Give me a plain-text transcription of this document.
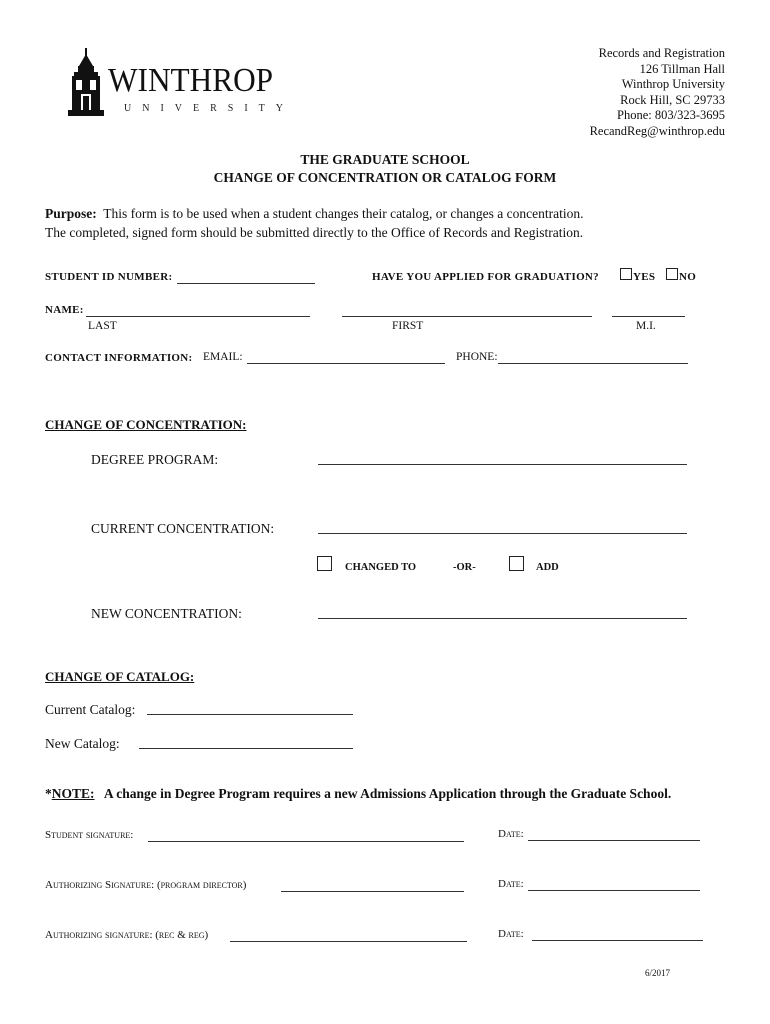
WINTHROP
UNIVERSITY
Records and Registration
126 Tillman Hall
Winthrop University
Rock Hill, SC 29733
Phone: 803/323-3695
RecandReg@winthrop.edu
THE GRADUATE SCHOOL
CHANGE OF CONCENTRATION OR CATALOG FORM
Purpose: This form is to be used when a student changes their catalog, or changes a concentration.
The completed, signed form should be submitted directly to the Office of Records and Registration.
STUDENT ID NUMBER:	HAVE YOU APPLIED FOR GRADUATION?	YES NO
NAME:
LAST	FIRST	M.I.
CONTACT INFORMATION: EMAIL:	PHONE:
CHANGE OF CONCENTRATION:
DEGREE PROGRAM:
CURRENT CONCENTRATION:
CHANGED TO	-OR-	ADD
NEW CONCENTRATION:
CHANGE OF CATALOG:
Current Catalog:
New Catalog:
*NOTE: A change in Degree Program requires a new Admissions Application through the Graduate School.
Student signature:	Date:
Authorizing Signature: (program director)	Date:
Authorizing signature: (rec & reg)	Date:
6/2017
